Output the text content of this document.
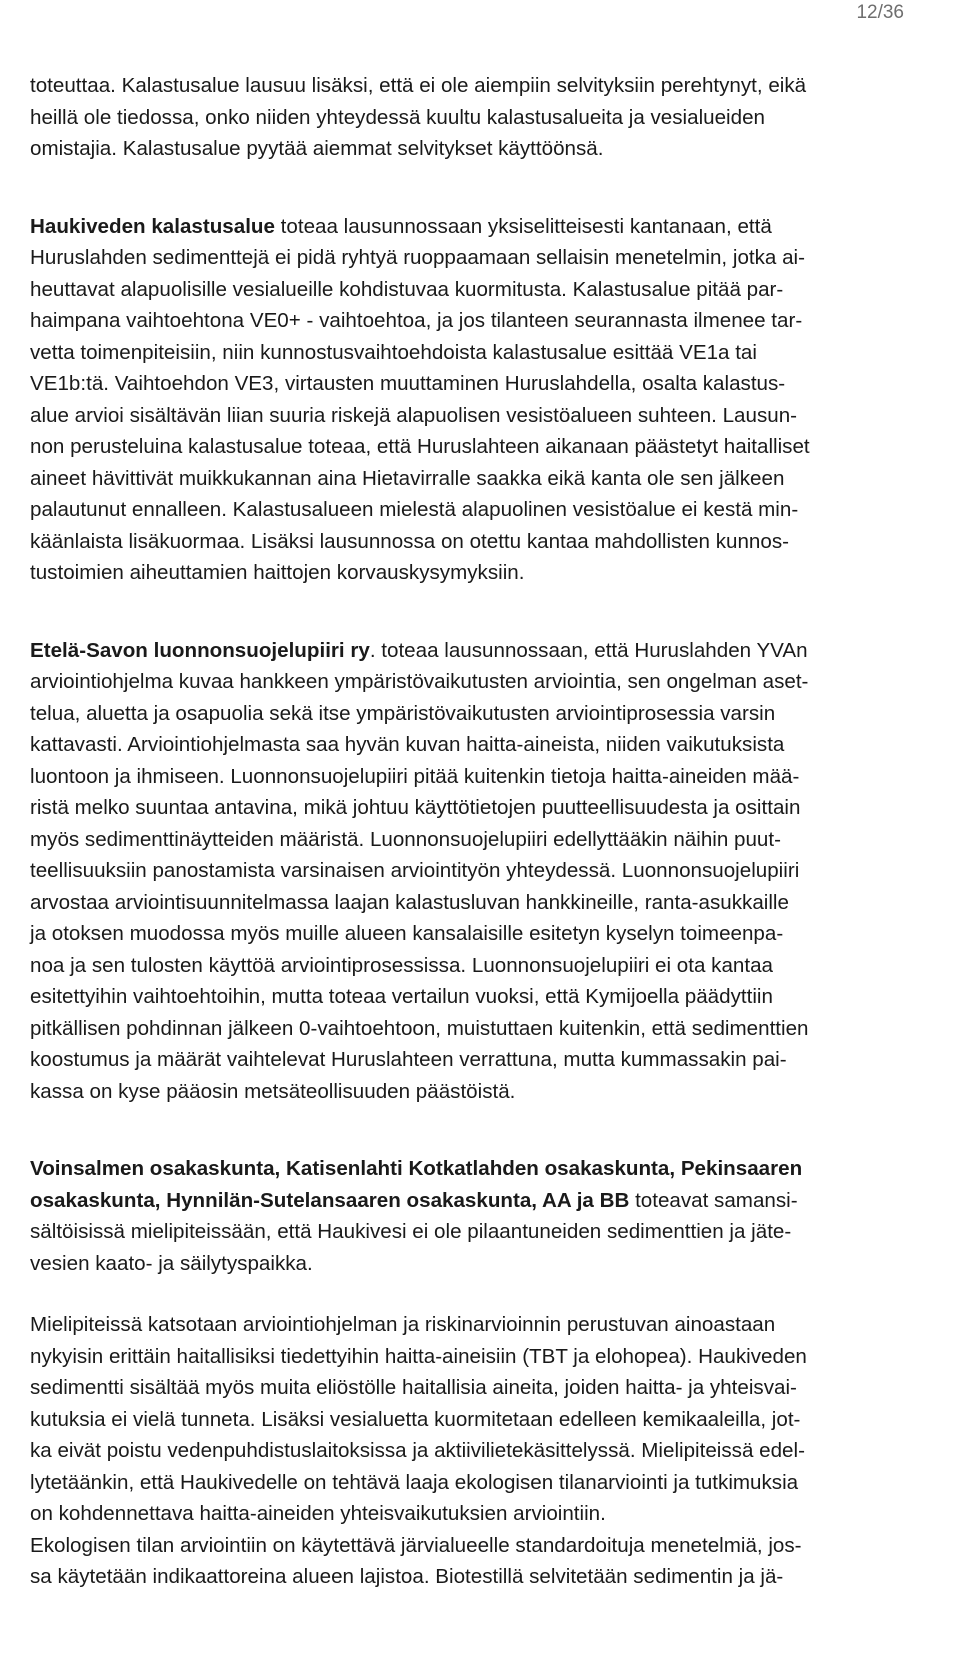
12/36
toteuttaa. Kalastusalue lausuu lisäksi, että ei ole aiempiin selvityksiin perehtynyt, eikä
heillä ole tiedossa, onko niiden yhteydessä kuultu kalastusalueita ja vesialueiden
omistajia. Kalastusalue pyytää aiemmat selvitykset käyttöönsä.
Haukiveden kalastusalue toteaa lausunnossaan yksiselitteisesti kantanaan, että
Huruslahden sedimenttejä ei pidä ryhtyä ruoppaamaan sellaisin menetelmin, jotka ai-
heuttavat alapuolisille vesialueille kohdistuvaa kuormitusta. Kalastusalue pitää par-
haimpana vaihtoehtona VE0+ - vaihtoehtoa, ja jos tilanteen seurannasta ilmenee tar-
vetta toimenpiteisiin, niin kunnostusvaihtoehdoista kalastusalue esittää VE1a tai
VE1b:tä. Vaihtoehdon VE3, virtausten muuttaminen Huruslahdella, osalta kalastus-
alue arvioi sisältävän liian suuria riskejä alapuolisen vesistöalueen suhteen. Lausun-
non perusteluina kalastusalue toteaa, että Huruslahteen aikanaan päästetyt haitalliset
aineet hävittivät muikkukannan aina Hietavirralle saakka eikä kanta ole sen jälkeen
palautunut ennalleen. Kalastusalueen mielestä alapuolinen vesistöalue ei kestä min-
käänlaista lisäkuormaa. Lisäksi lausunnossa on otettu kantaa mahdollisten kunnos-
tustoimien aiheuttamien haittojen korvauskysymyksiin.
Etelä-Savon luonnonsuojelupiiri ry. toteaa lausunnossaan, että Huruslahden YVAn
arviointiohjelma kuvaa hankkeen ympäristövaikutusten arviointia, sen ongelman aset-
telua, aluetta ja osapuolia sekä itse ympäristövaikutusten arviointiprosessia varsin
kattavasti. Arviointiohjelmasta saa hyvän kuvan haitta-aineista, niiden vaikutuksista
luontoon ja ihmiseen. Luonnonsuojelupiiri pitää kuitenkin tietoja haitta-aineiden mää-
ristä melko suuntaa antavina, mikä johtuu käyttötietojen puutteellisuudesta ja osittain
myös sedimenttinäytteiden määristä. Luonnonsuojelupiiri edellyttääkin näihin puut-
teellisuuksiin panostamista varsinaisen arviointityön yhteydessä. Luonnonsuojelupiiri
arvostaa arviointisuunnitelmassa laajan kalastusluvan hankkineille, ranta-asukkaille
ja otoksen muodossa myös muille alueen kansalaisille esitetyn kyselyn toimeenpa-
noa ja sen tulosten käyttöä arviointiprosessissa. Luonnonsuojelupiiri ei ota kantaa
esitettyihin vaihtoehtoihin, mutta toteaa vertailun vuoksi, että Kymijoella päädyttiin
pitkällisen pohdinnan jälkeen 0-vaihtoehtoon, muistuttaen kuitenkin, että sedimenttien
koostumus ja määrät vaihtelevat Huruslahteen verrattuna, mutta kummassakin pai-
kassa on kyse pääosin metsäteollisuuden päästöistä.
Voinsalmen osakaskunta, Katisenlahti Kotkatlahden osakaskunta, Pekinsaaren
osakaskunta, Hynnilän-Sutelansaaren osakaskunta, AA ja BB toteavat samansi-
sältöisissä mielipiteissään, että Haukivesi ei ole pilaantuneiden sedimenttien ja jäte-
vesien kaato- ja säilytyspaikka.
Mielipiteissä katsotaan arviointiohjelman ja riskinarvioinnin perustuvan ainoastaan
nykyisin erittäin haitallisiksi tiedettyihin haitta-aineisiin (TBT ja elohopea). Haukiveden
sedimentti sisältää myös muita eliöstölle haitallisia aineita, joiden haitta- ja yhteisvai-
kutuksia ei vielä tunneta. Lisäksi vesialuetta kuormitetaan edelleen kemikaaleilla, jot-
ka eivät poistu vedenpuhdistuslaitoksissa ja aktiivilietekäsittelyssä. Mielipiteissä edel-
lytetäänkin, että Haukivedelle on tehtävä laaja ekologisen tilanarviointi ja tutkimuksia
on kohdennettava haitta-aineiden yhteisvaikutuksien arviointiin.
Ekologisen tilan arviointiin on käytettävä järvialueelle standardoituja menetelmiä, jos-
sa käytetään indikaattoreina alueen lajistoa. Biotestillä selvitetään sedimentin ja jä-
